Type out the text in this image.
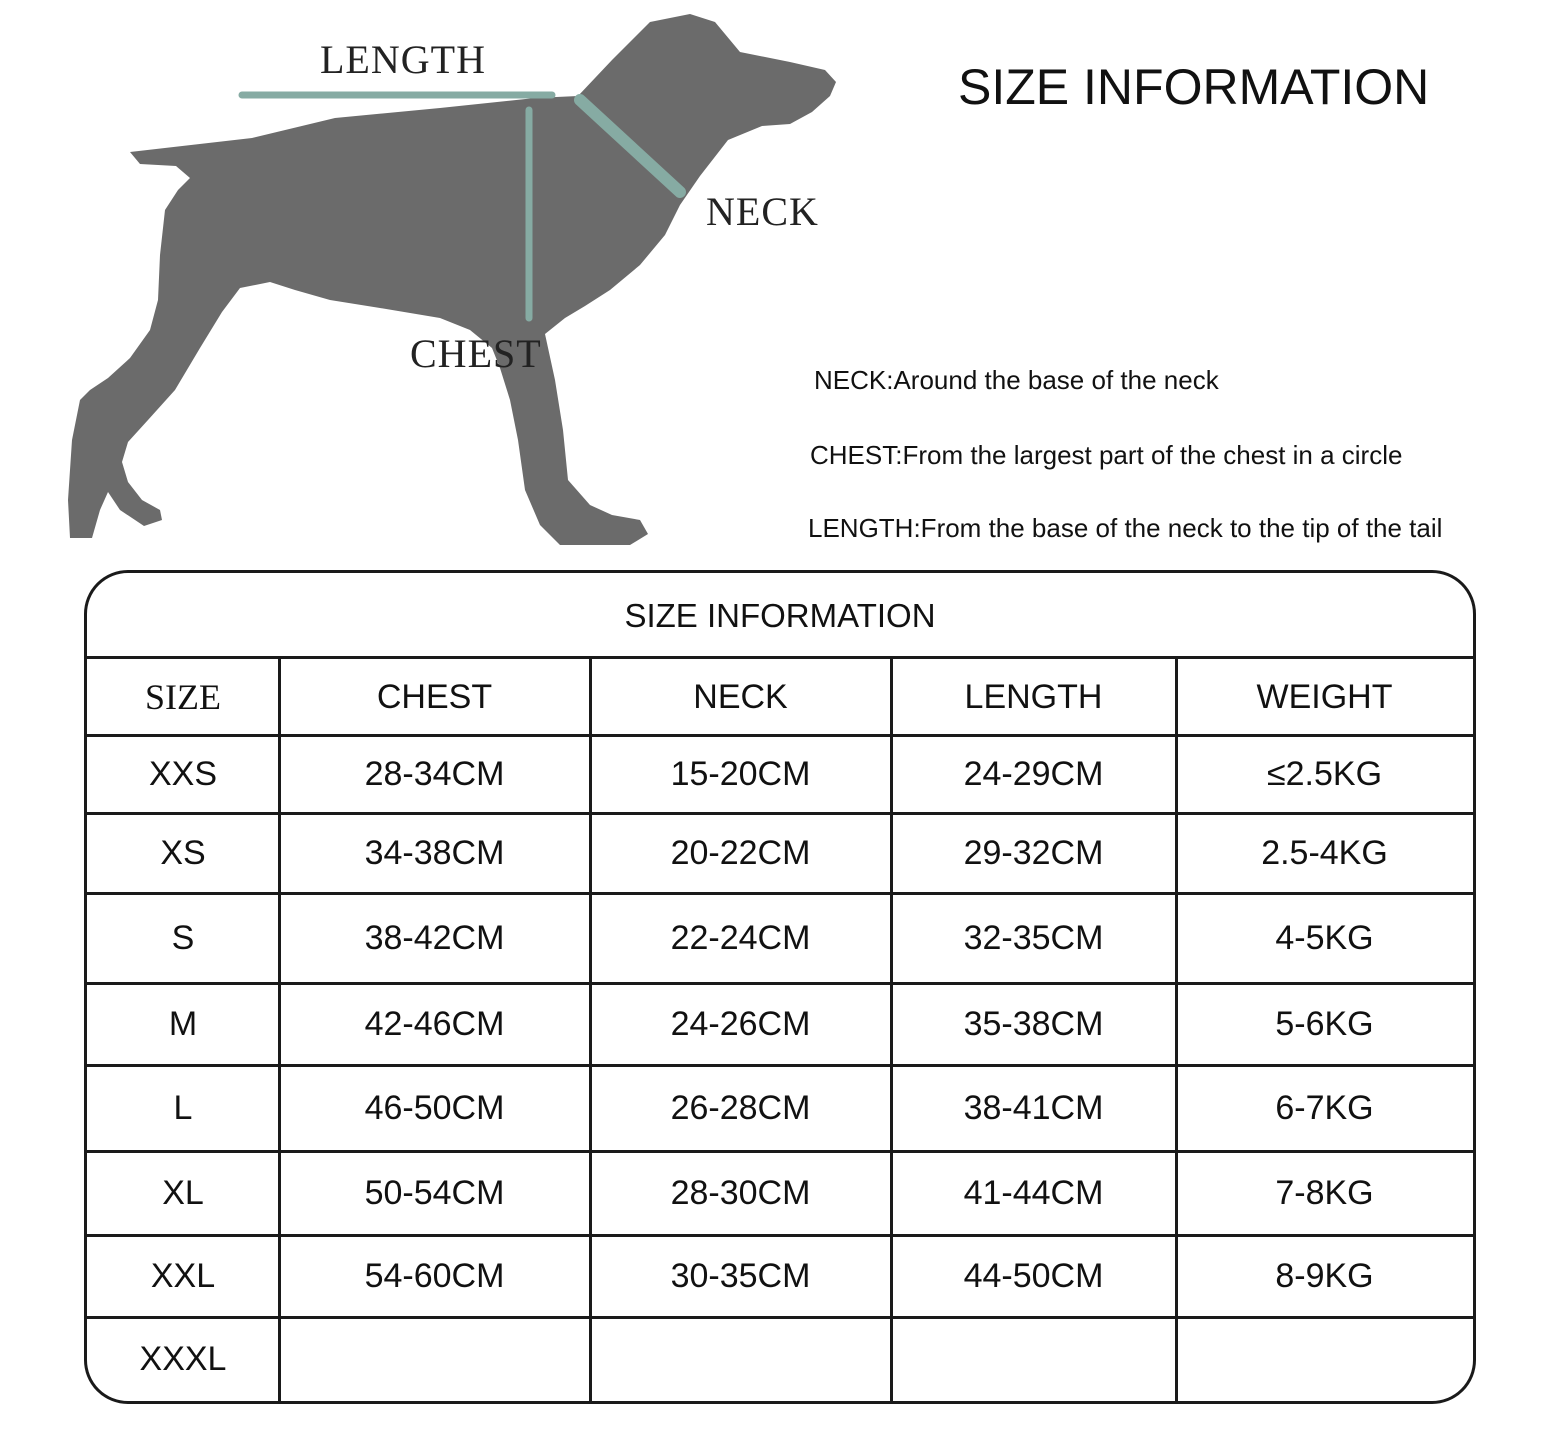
LENGTH
NECK
CHEST
SIZE INFORMATION
NECK:Around the base of the neck
CHEST:From the largest part of the chest in a circle
LENGTH:From the base of the neck to the tip of the tail
SIZE INFORMATION
SIZE	CHEST	NECK	LENGTH	WEIGHT
XXS	28-34CM	15-20CM	24-29CM	≤2.5KG
XS	34-38CM	20-22CM	29-32CM	2.5-4KG
S	38-42CM	22-24CM	32-35CM	4-5KG
M	42-46CM	24-26CM	35-38CM	5-6KG
L	46-50CM	26-28CM	38-41CM	6-7KG
XL	50-54CM	28-30CM	41-44CM	7-8KG
XXL	54-60CM	30-35CM	44-50CM	8-9KG
XXXL
